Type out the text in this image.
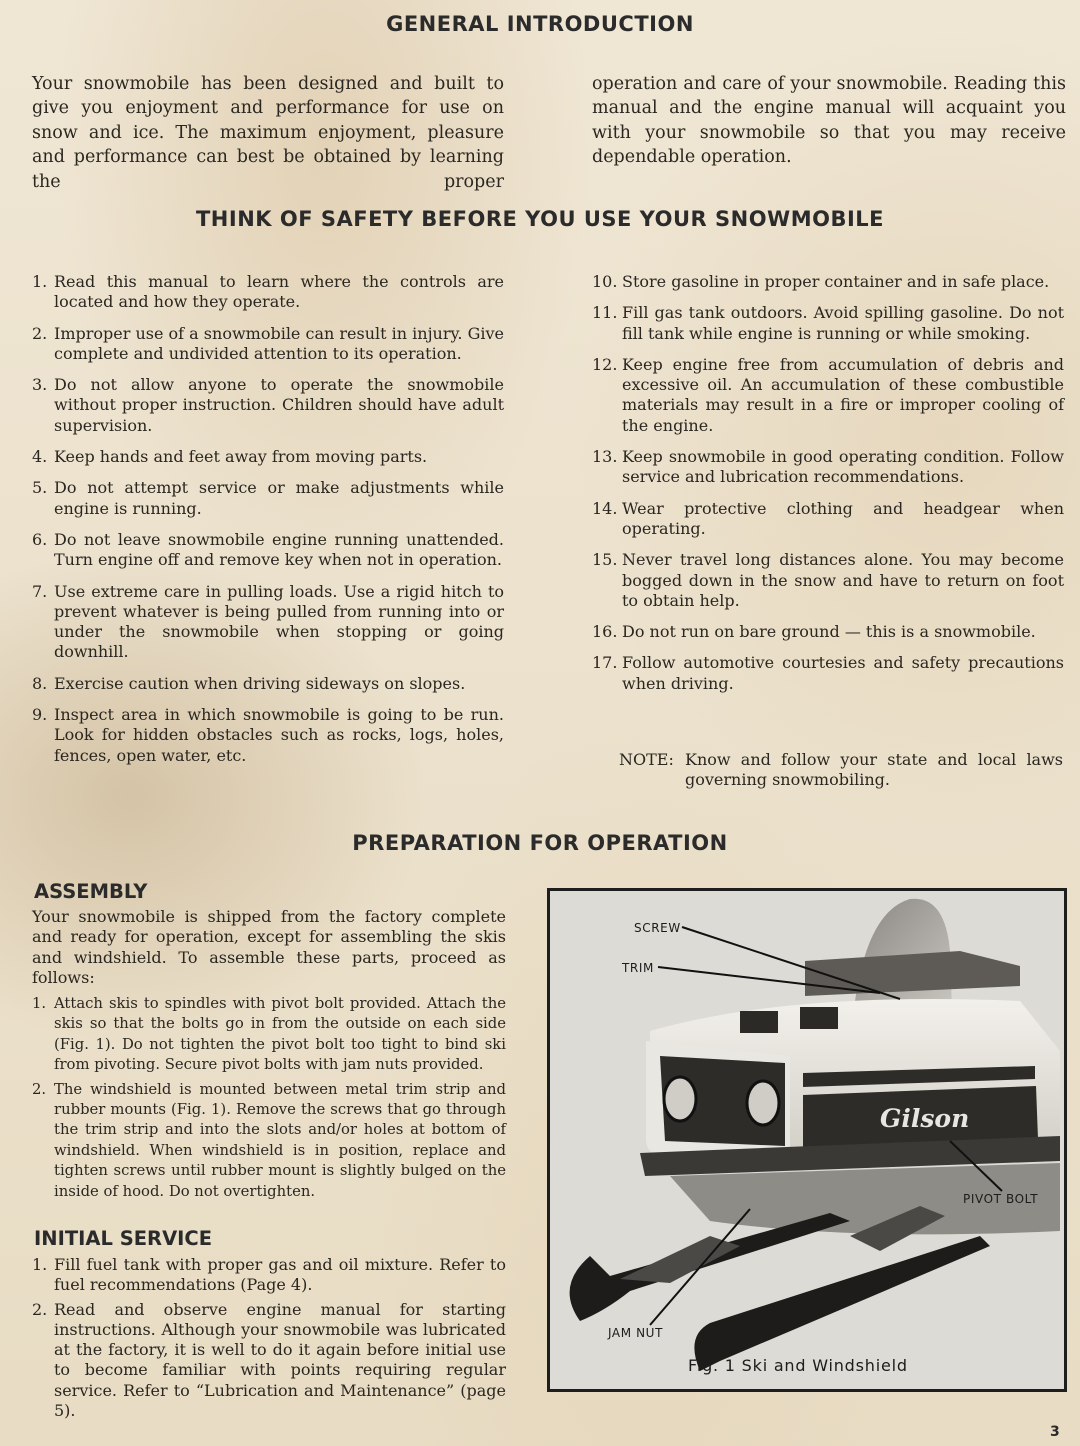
GENERAL INTRODUCTION

Your snowmobile has been designed and built to give you enjoyment and performance for use on snow and ice. The maximum enjoyment, pleasure and performance can best be obtained by learning the proper

operation and care of your snowmobile. Reading this manual and the engine manual will acquaint you with your snowmobile so that you may receive dependable operation.

THINK OF SAFETY BEFORE YOU USE YOUR SNOWMOBILE
1. Read this manual to learn where the controls are located and how they operate.
2. Improper use of a snowmobile can result in injury. Give complete and undivided attention to its operation.
3. Do not allow anyone to operate the snowmobile without proper instruction. Children should have adult supervision.
4. Keep hands and feet away from moving parts.
5. Do not attempt service or make adjustments while engine is running.
6. Do not leave snowmobile engine running unattended. Turn engine off and remove key when not in operation.
7. Use extreme care in pulling loads. Use a rigid hitch to prevent whatever is being pulled from running into or under the snowmobile when stopping or going downhill.
8. Exercise caution when driving sideways on slopes.
9. Inspect area in which snowmobile is going to be run. Look for hidden obstacles such as rocks, logs, holes, fences, open water, etc.
10. Store gasoline in proper container and in safe place.
11. Fill gas tank outdoors. Avoid spilling gasoline. Do not fill tank while engine is running or while smoking.
12. Keep engine free from accumulation of debris and excessive oil. An accumulation of these combustible materials may result in a fire or improper cooling of the engine.
13. Keep snowmobile in good operating condition. Follow service and lubrication recommendations.
14. Wear protective clothing and headgear when operating.
15. Never travel long distances alone. You may become bogged down in the snow and have to return on foot to obtain help.
16. Do not run on bare ground — this is a snowmobile.
17. Follow automotive courtesies and safety precautions when driving.
NOTE: Know and follow your state and local laws governing snowmobiling.
PREPARATION FOR OPERATION
ASSEMBLY

Your snowmobile is shipped from the factory complete and ready for operation, except for assembling the skis and windshield. To assemble these parts, proceed as follows:

1. Attach skis to spindles with pivot bolt provided. Attach the skis so that the bolts go in from the outside on each side (Fig. 1). Do not tighten the pivot bolt too tight to bind ski from pivoting. Secure pivot bolts with jam nuts provided.
2. The windshield is mounted between metal trim strip and rubber mounts (Fig. 1). Remove the screws that go through the trim strip and into the slots and/or holes at bottom of windshield. When windshield is in position, replace and tighten screws until rubber mount is slightly bulged on the inside of hood. Do not overtighten.
INITIAL SERVICE
1. Fill fuel tank with proper gas and oil mixture. Refer to fuel recommendations (Page 4).
2. Read and observe engine manual for starting instructions. Although your snowmobile was lubricated at the factory, it is well to do it again before initial use to become familiar with points requiring regular service. Refer to “Lubrication and Maintenance” (page 5).
Gilson
SCREW
TRIM
PIVOT BOLT
JAM NUT
Fig. 1 Ski and Windshield

3
